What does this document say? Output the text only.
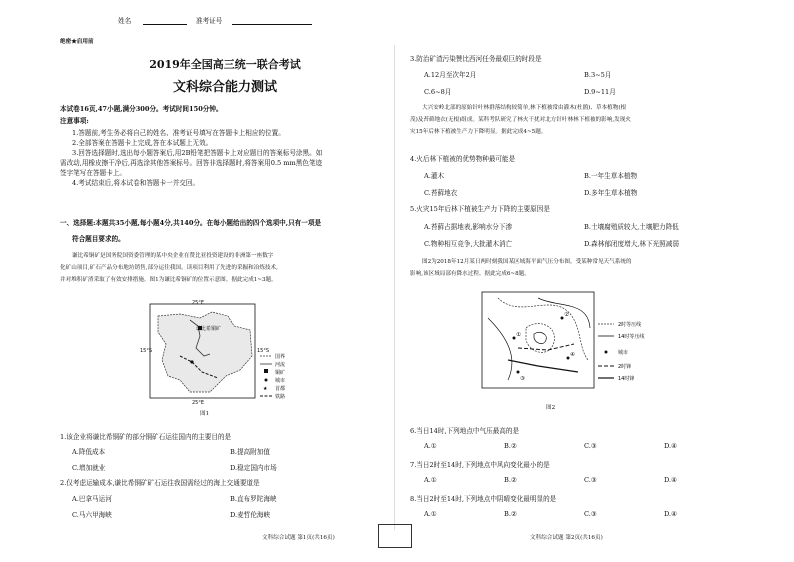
姓名	准考证号
绝密★启用前
2019年全国高三统一联合考试
文科综合能力测试
本试卷16页,47小题,满分300分。考试时间150分钟。
注意事项:
1.答题前,考生务必将自己的姓名、准考证号填写在答题卡上相应的位置。
2.全部答案在答题卡上完成,答在本试题上无效。
3.回答选择题时,选出每小题答案后,用2B铅笔把答题卡上对应题目的答案标号涂黑。如
需改动,用橡皮擦干净后,再选涂其他答案标号。回答非选择题时,将答案用0.5 mm黑色笔迹
签字笔写在答题卡上。
4.考试结束后,将本试卷和答题卡一并交回。
一、选择题:本题共35小题,每小题4分,共140分。在每小题给出的四个选项中,只有一项是
符合题目要求的。
谦比希铜矿是国务院国资委管理的某中央企业在赞比亚投资建设的非洲第一座数字
化矿山项目,矿石产品分布地坊销售,部分运往我国。读项目利用了先进的采掘和冶炼技术,
并对堆积矿渣采取了有效安排措施。图1为谦比希铜矿的位置示意图。据此完成1~3题。
谦比希铜矿
25°E
25°E
15°S	15°S
国界
河流
铜矿
城市
★ 首都
铁路
图1
1.该企业将谦比希铜矿的部分铜矿石运往国内的主要目的是
A.降低成本	B.提高附加值
C.增加就业	D.稳定国内市场
2.仅考虑运输成本,谦比希铜矿矿石运往我国需经过的海上交通要道是
A.巴拿马运河	B.直布罗陀海峡
C.马六甲海峡	D.麦哲伦海峡
文科综合试题 第1页(共16页)
3.防治矿渣污染赞比西河任务最艰巨的时段是
A.12月至次年2月	B.3~5月
C.6~8月	D.9~11月
大兴安岭北部的原始针叶林群落结构较简单,林下植被常由灌木(杜鹃)、草本植物(根
茂)及苔藓地衣(无根)组成。某科考队研究了林火干扰对北方针叶林林下植被的影响,发现火
灾15年后林下植被生产力下降明显。据此完成4~5题。
4.火后林下植被的优势物种最可能是
A.灌木	B.一年生草本植物
C.苔藓地衣	D.多年生草本植物
5.火灾15年后林下植被生产力下降的主要原因是
A.苔藓占据地表,影响水分下渗	B.土壤腐殖质较大,土壤肥力降低
C.物种相互竞争,大批灌木消亡	D.森林郁闭度增大,林下光照减弱
图2为2018年12月某日两时刻我国某区域海平面气压分布图。受某种常见天气系统的
影响,该区域局部有降水过程。据此完成6~8题。
①
②
③
④
2时等压线
14时等压线
城市
2时锋
14时锋
图2
6.当日14时,下列地点中气压最高的是
A.①	B.②	C.③	D.④
7.当日2时至14时,下列地点中风向变化最小的是
A.①	B.②	C.③	D.④
8.当日2时至14时,下列地点中阴晴变化最明显的是
A.①	B.②	C.③	D.④
文科综合试题 第2页(共16页)
